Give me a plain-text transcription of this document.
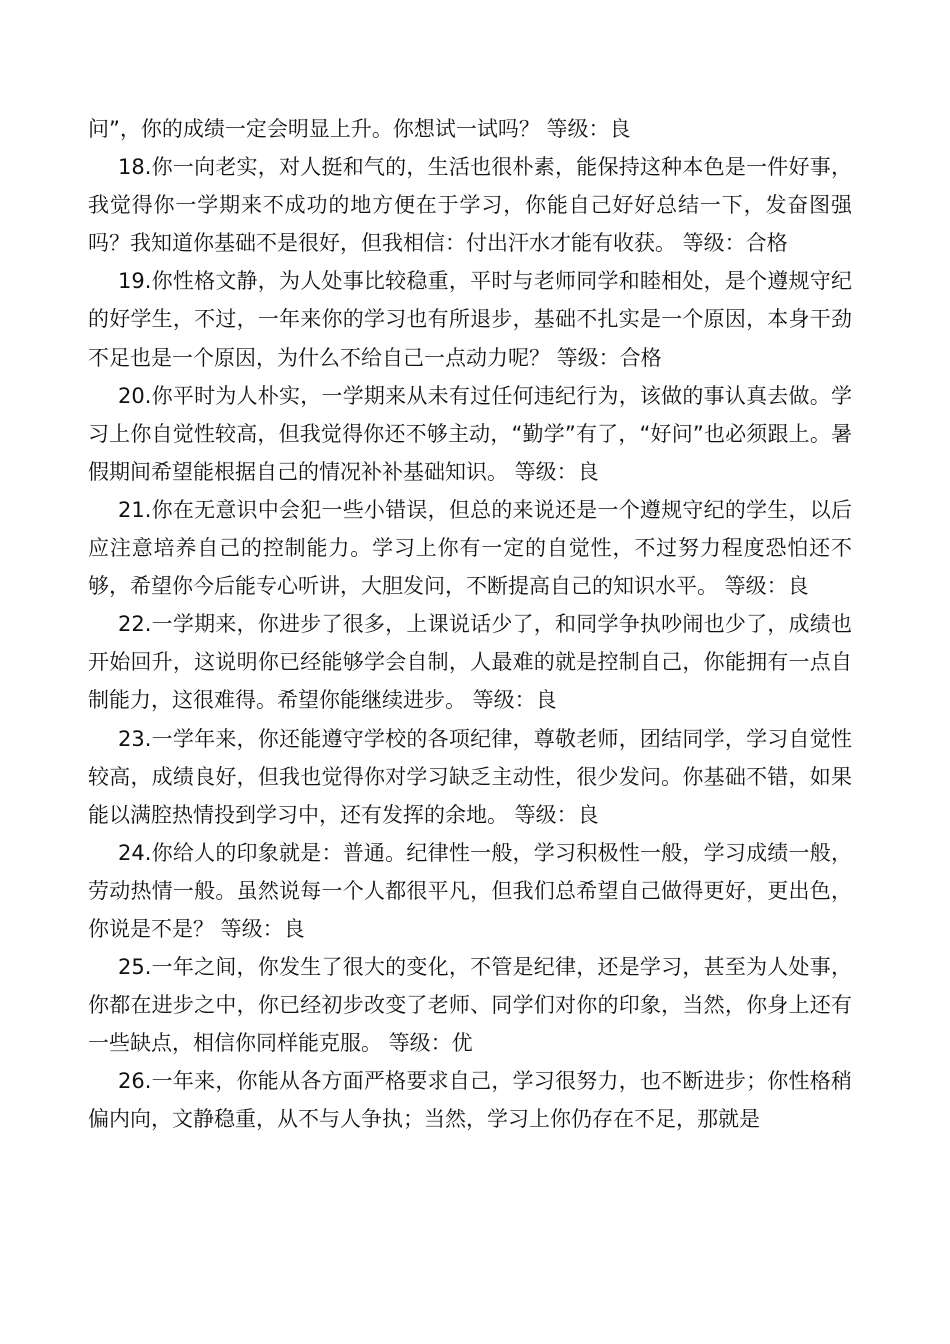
问”，你的成绩一定会明显上升。你想试一试吗？ 等级：良

18.你一向老实，对人挺和气的，生活也很朴素，能保持这种本色是一件好事，我觉得你一学期来不成功的地方便在于学习，你能自己好好总结一下，发奋图强吗？我知道你基础不是很好，但我相信：付出汗水才能有收获。 等级：合格

19.你性格文静，为人处事比较稳重，平时与老师同学和睦相处，是个遵规守纪的好学生，不过，一年来你的学习也有所退步，基础不扎实是一个原因，本身干劲不足也是一个原因，为什么不给自己一点动力呢？ 等级：合格

20.你平时为人朴实，一学期来从未有过任何违纪行为，该做的事认真去做。学习上你自觉性较高，但我觉得你还不够主动，“勤学”有了，“好问”也必须跟上。暑假期间希望能根据自己的情况补补基础知识。 等级：良

21.你在无意识中会犯一些小错误，但总的来说还是一个遵规守纪的学生，以后应注意培养自己的控制能力。学习上你有一定的自觉性，不过努力程度恐怕还不够，希望你今后能专心听讲，大胆发问，不断提高自己的知识水平。 等级：良

22.一学期来，你进步了很多，上课说话少了，和同学争执吵闹也少了，成绩也开始回升，这说明你已经能够学会自制，人最难的就是控制自己，你能拥有一点自制能力，这很难得。希望你能继续进步。 等级：良

23.一学年来，你还能遵守学校的各项纪律，尊敬老师，团结同学，学习自觉性较高，成绩良好，但我也觉得你对学习缺乏主动性，很少发问。你基础不错，如果能以满腔热情投到学习中，还有发挥的余地。 等级：良

24.你给人的印象就是：普通。纪律性一般，学习积极性一般，学习成绩一般，劳动热情一般。虽然说每一个人都很平凡，但我们总希望自己做得更好，更出色，你说是不是？ 等级：良

25.一年之间，你发生了很大的变化，不管是纪律，还是学习，甚至为人处事，你都在进步之中，你已经初步改变了老师、同学们对你的印象，当然，你身上还有一些缺点，相信你同样能克服。 等级：优

26.一年来，你能从各方面严格要求自己，学习很努力，也不断进步；你性格稍偏内向，文静稳重，从不与人争执；当然，学习上你仍存在不足，那就是
